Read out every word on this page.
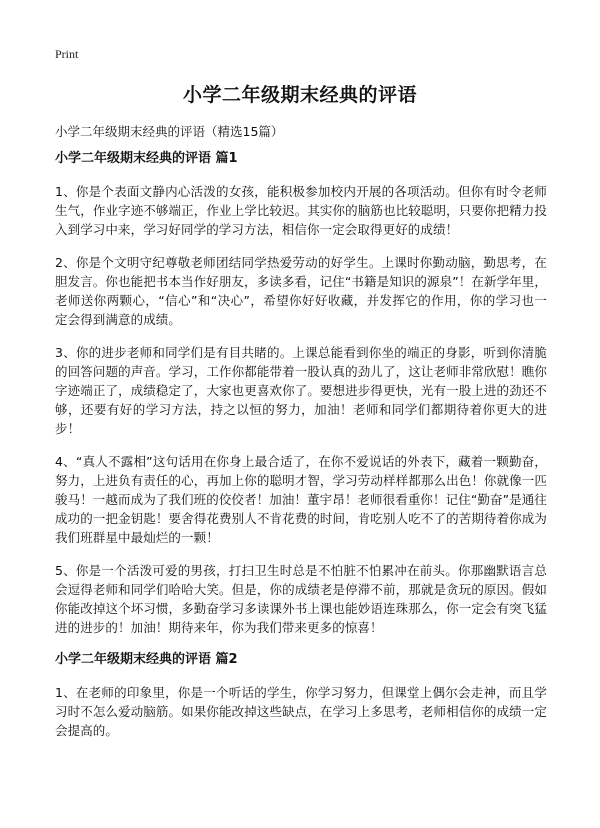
Print
小学二年级期末经典的评语
小学二年级期末经典的评语（精选15篇）
小学二年级期末经典的评语 篇1

1、你是个表面文静内心活泼的女孩，能积极参加校内开展的各项活动。但你有时令老师生气，作业字迹不够端正，作业上学比较迟。其实你的脑筋也比较聪明，只要你把精力投入到学习中来，学习好同学的学习方法，相信你一定会取得更好的成绩！

2、你是个文明守纪尊敬老师团结同学热爱劳动的好学生。上课时你勤动脑，勤思考，在胆发言。你也能把书本当作好朋友，多读多看，记住“书籍是知识的源泉”！在新学年里，老师送你两颗心，“信心”和“决心”，希望你好好收藏，并发挥它的作用，你的学习也一定会得到满意的成绩。

3、你的进步老师和同学们是有目共睹的。上课总能看到你坐的端正的身影，听到你清脆的回答问题的声音。学习，工作你都能带着一股认真的劲儿了，这让老师非常欣慰！瞧你字迹端正了，成绩稳定了，大家也更喜欢你了。要想进步得更快，光有一股上进的劲还不够，还要有好的学习方法，持之以恒的努力，加油！老师和同学们都期待着你更大的进步！

4、“真人不露相”这句话用在你身上最合适了，在你不爱说话的外表下，藏着一颗勤奋，努力，上进负有责任的心，再加上你的聪明才智，学习劳动样样都那么出色！你就像一匹骏马！一越而成为了我们班的佼佼者！加油！董宇昂！老师很看重你！记住“勤奋”是通往成功的一把金钥匙！要舍得花费别人不肯花费的时间，肯吃别人吃不了的苦期待着你成为我们班群星中最灿烂的一颗！

5、你是一个活泼可爱的男孩，打扫卫生时总是不怕脏不怕累冲在前头。你那幽默语言总会逗得老师和同学们哈哈大笑。但是，你的成绩老是停滞不前，那就是贪玩的原因。假如你能改掉这个坏习惯，多勤奋学习多读课外书上课也能妙语连珠那么，你一定会有突飞猛进的进步的！加油！期待来年，你为我们带来更多的惊喜！

小学二年级期末经典的评语 篇2

1、在老师的印象里，你是一个听话的学生，你学习努力，但课堂上偶尔会走神，而且学习时不怎么爱动脑筋。如果你能改掉这些缺点，在学习上多思考，老师相信你的成绩一定会提高的。
